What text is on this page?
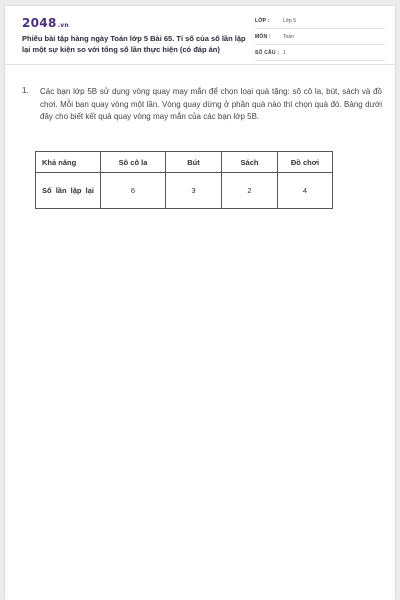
2048.vn
Phiếu bài tập hàng ngày Toán lớp 5 Bài 65. Tỉ số của số lần lặp lại một sự kiện so với tổng số lần thực hiện (có đáp án)
LỚP :	Lớp 5
MÔN : Toán
SỐ CÂU : 1
1. Các bạn lớp 5B sử dụng vòng quay may mắn để chọn loại quà tặng: sô cô la, bút, sách và đồ chơi. Mỗi bạn quay vòng một lần. Vòng quay dừng ở phần quà nào thì chọn quà đó. Bảng dưới đây cho biết kết quả quay vòng may mắn của các bạn lớp 5B.
Khả năng	Sô cô la	Bút	Sách	Đồ chơi
Số lần lặp lại	6	3	2	4
